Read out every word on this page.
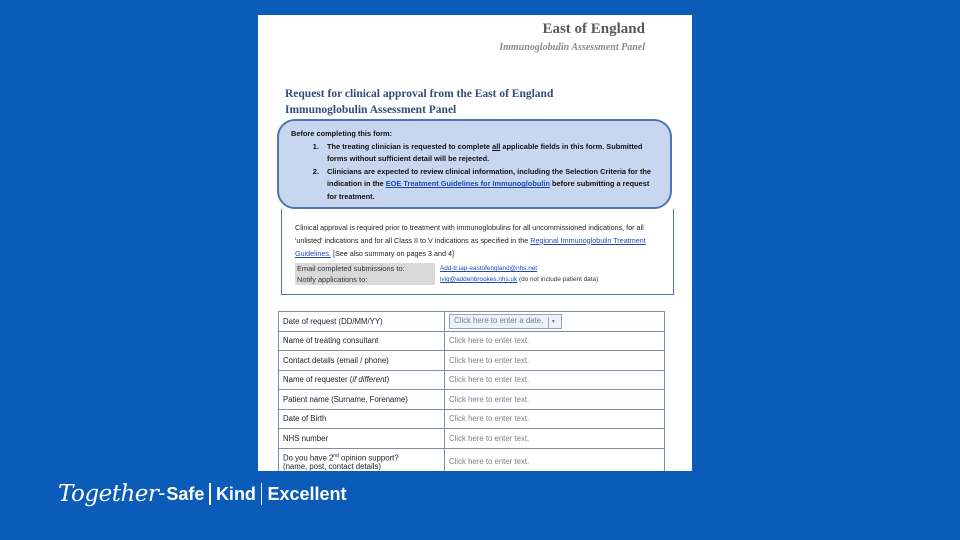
East of England
Immunoglobulin Assessment Panel
Request for clinical approval from the East of England Immunoglobulin Assessment Panel
Before completing this form:
1. The treating clinician is requested to complete all applicable fields in this form. Submitted forms without sufficient detail will be rejected.
2. Clinicians are expected to review clinical information, including the Selection Criteria for the indication in the EOE Treatment Guidelines for Immunoglobulin before submitting a request for treatment.
Clinical approval is required prior to treatment with immunoglobulins for all uncommissioned indications, for all 'unlisted' indications and for all Class II to V indications as specified in the Regional Immunoglobulin Treatment Guidelines. [See also summary on pages 3 and 4]
Email completed submissions to:	Add-tr.iap-eastofengland@nhs.net
Notify applications to:	ivig@addenbrookes.nhs.uk (do not include patient data)
Date of request (DD/MM/YY)	Click here to enter a date. ▾
Name of treating consultant	Click here to enter text.
Contact details (email / phone)	Click here to enter text.
Name of requester (if different)	Click here to enter text.
Patient name (Surname, Forename)	Click here to enter text.
Date of Birth	Click here to enter text.
NHS number	Click here to enter text.
Do you have 2nd opinion support?
(name, post, contact details)	Click here to enter text.
Together - Safe Kind Excellent
